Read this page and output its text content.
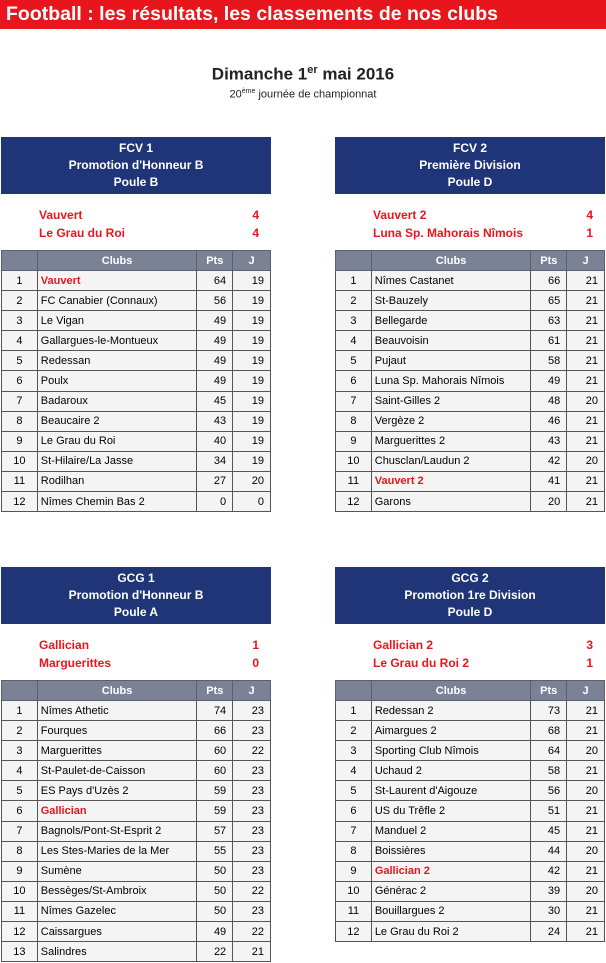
Football : les résultats, les classements de nos clubs
Dimanche 1er mai 2016
20ème journée de championnat
FCV 1
Promotion d'Honneur B
Poule B
Vauvert	4
Le Grau du Roi	4
	Clubs	Pts	J
1	Vauvert	64	19
2	FC Canabier (Connaux)	56	19
3	Le Vigan	49	19
4	Gallargues-le-Montueux	49	19
5	Redessan	49	19
6	Poulx	49	19
7	Badaroux	45	19
8	Beaucaire 2	43	19
9	Le Grau du Roi	40	19
10	St-Hilaire/La Jasse	34	19
11	Rodilhan	27	20
12	Nîmes Chemin Bas 2	0	0
FCV 2
Première Division
Poule D
Vauvert 2	4
Luna Sp. Mahorais Nîmois	1
	Clubs	Pts	J
1	Nîmes Castanet	66	21
2	St-Bauzely	65	21
3	Bellegarde	63	21
4	Beauvoisin	61	21
5	Pujaut	58	21
6	Luna Sp. Mahorais Nîmois	49	21
7	Saint-Gilles 2	48	20
8	Vergèze 2	46	21
9	Marguerittes 2	43	21
10	Chusclan/Laudun 2	42	20
11	Vauvert 2	41	21
12	Garons	20	21
GCG 1
Promotion d'Honneur B
Poule A
Gallician	1
Marguerittes	0
	Clubs	Pts	J
1	Nîmes Athetic	74	23
2	Fourques	66	23
3	Marguerittes	60	22
4	St-Paulet-de-Caisson	60	23
5	ES Pays d'Uzès 2	59	23
6	Gallician	59	23
7	Bagnols/Pont-St-Esprit 2	57	23
8	Les Stes-Maries de la Mer	55	23
9	Sumène	50	23
10	Bessèges/St-Ambroix	50	22
11	Nîmes Gazelec	50	23
12	Caissargues	49	22
13	Salindres	22	21
GCG 2
Promotion 1re Division
Poule D
Gallician 2	3
Le Grau du Roi 2	1
	Clubs	Pts	J
1	Redessan 2	73	21
2	Aimargues 2	68	21
3	Sporting Club Nîmois	64	20
4	Uchaud 2	58	21
5	St-Laurent d'Aigouze	56	20
6	US du Trêfle 2	51	21
7	Manduel 2	45	21
8	Boissières	44	20
9	Gallician 2	42	21
10	Générac 2	39	20
11	Bouillargues 2	30	21
12	Le Grau du Roi 2	24	21
